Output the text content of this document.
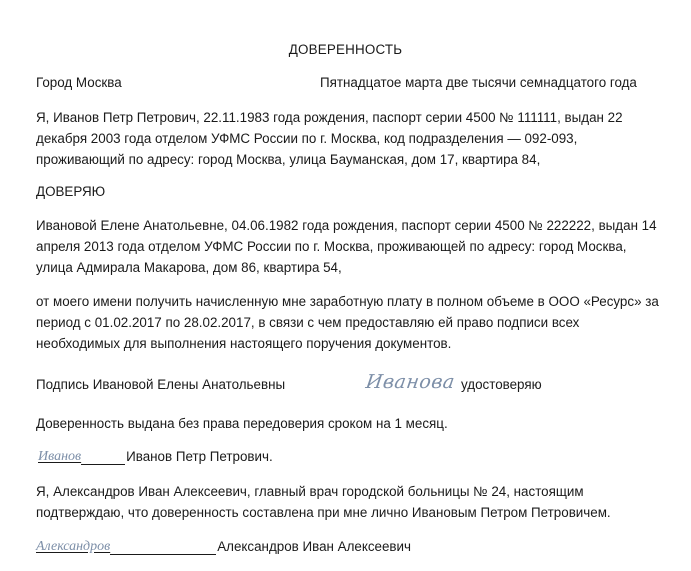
ДОВЕРЕННОСТЬ
Город Москва	Пятнадцатое марта две тысячи семнадцатого года
Я, Иванов Петр Петрович, 22.11.1983 года рождения, паспорт серии 4500 № 111111, выдан 22
декабря 2003 года отделом УФМС России по г. Москва, код подразделения — 092-093,
проживающий по адресу: город Москва, улица Бауманская, дом 17, квартира 84,
ДОВЕРЯЮ
Ивановой Елене Анатольевне, 04.06.1982 года рождения, паспорт серии 4500 № 222222, выдан 14
апреля 2013 года отделом УФМС России по г. Москва, проживающей по адресу: город Москва,
улица Адмирала Макарова, дом 86, квартира 54,
от моего имени получить начисленную мне заработную плату в полном объеме в ООО «Ресурс» за
период с 01.02.2017 по 28.02.2017, в связи с чем предоставляю ей право подписи всех
необходимых для выполнения настоящего поручения документов.
Подпись Ивановой Елены Анатольевны	Иванова удостоверяю
Доверенность выдана без права передоверия сроком на 1 месяц.
Иванов	Иванов Петр Петрович.
Я, Александров Иван Алексеевич, главный врач городской больницы № 24, настоящим
подтверждаю, что доверенность составлена при мне лично Ивановым Петром Петровичем.
Александров	Александров Иван Алексеевич
